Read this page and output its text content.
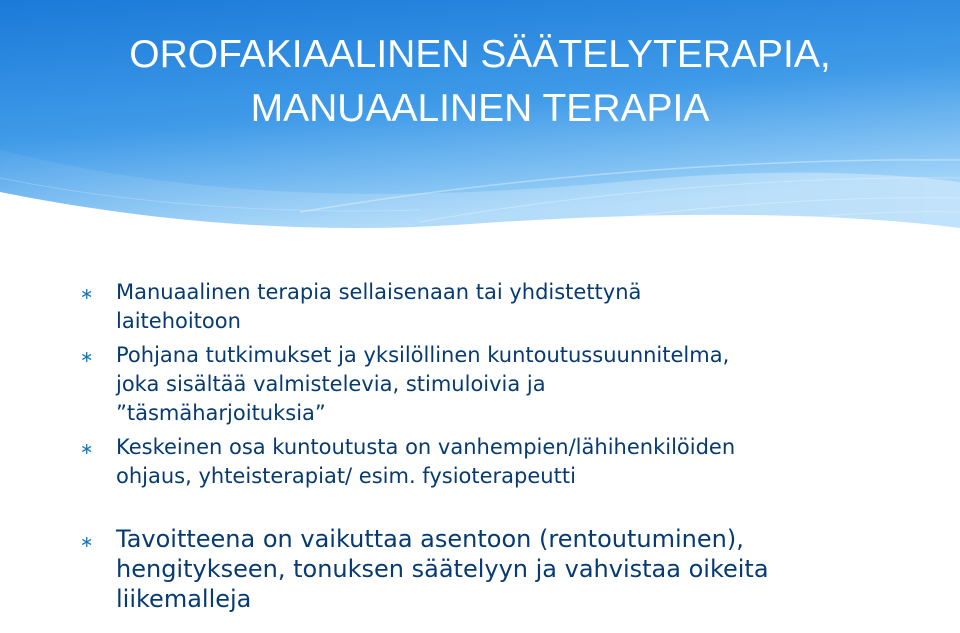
OROFAKIAALINEN SÄÄTELYTERAPIA,
MANUAALINEN TERAPIA
∗ Manuaalinen terapia sellaisenaan tai yhdistettynä
laitehoitoon
∗ Pohjana tutkimukset ja yksilöllinen kuntoutussuunnitelma,
joka sisältää valmistelevia, stimuloivia ja
”täsmäharjoituksia”
∗ Keskeinen osa kuntoutusta on vanhempien/lähihenkilöiden
ohjaus, yhteisterapiat/ esim. fysioterapeutti
∗ Tavoitteena on vaikuttaa asentoon (rentoutuminen),
hengitykseen, tonuksen säätelyyn ja vahvistaa oikeita
liikemalleja
